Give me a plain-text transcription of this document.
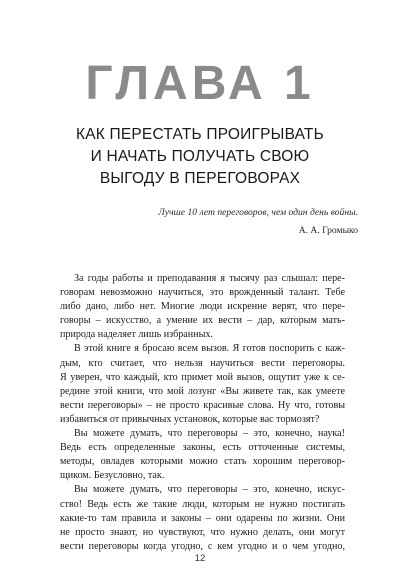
ГЛАВА 1
КАК ПЕРЕСТАТЬ ПРОИГРЫВАТЬ
И НАЧАТЬ ПОЛУЧАТЬ СВОЮ
ВЫГОДУ В ПЕРЕГОВОРАХ
Лучше 10 лет переговоров, чем один день войны.
А. А. Громыко
За годы работы и преподавания я тысячу раз слышал: пере-
говорам невозможно научиться, это врожденный талант. Тебе
либо дано, либо нет. Многие люди искренне верят, что пере-
говоры – искусство, а умение их вести – дар, которым мать-
природа наделяет лишь избранных.
В этой книге я бросаю всем вызов. Я готов поспорить с каж-
дым, кто считает, что нельзя научиться вести переговоры.
Я уверен, что каждый, кто примет мой вызов, ощутит уже к се-
редине этой книги, что мой лозунг «Вы живете так, как умеете
вести переговоры» – не просто красивые слова. Ну что, готовы
избавиться от привычных установок, которые вас тормозят?
Вы можете думать, что переговоры – это, конечно, наука!
Ведь есть определенные законы, есть отточенные системы,
методы, овладев которыми можно стать хорошим переговор-
щиком. Безусловно, так.
Вы можете думать, что переговоры – это, конечно, искус-
ство! Ведь есть же такие люди, которым не нужно постигать
какие-то там правила и законы – они одарены по жизни. Они
не просто знают, но чувствуют, что нужно делать, они могут
вести переговоры когда угодно, с кем угодно и о чем угодно,
12
